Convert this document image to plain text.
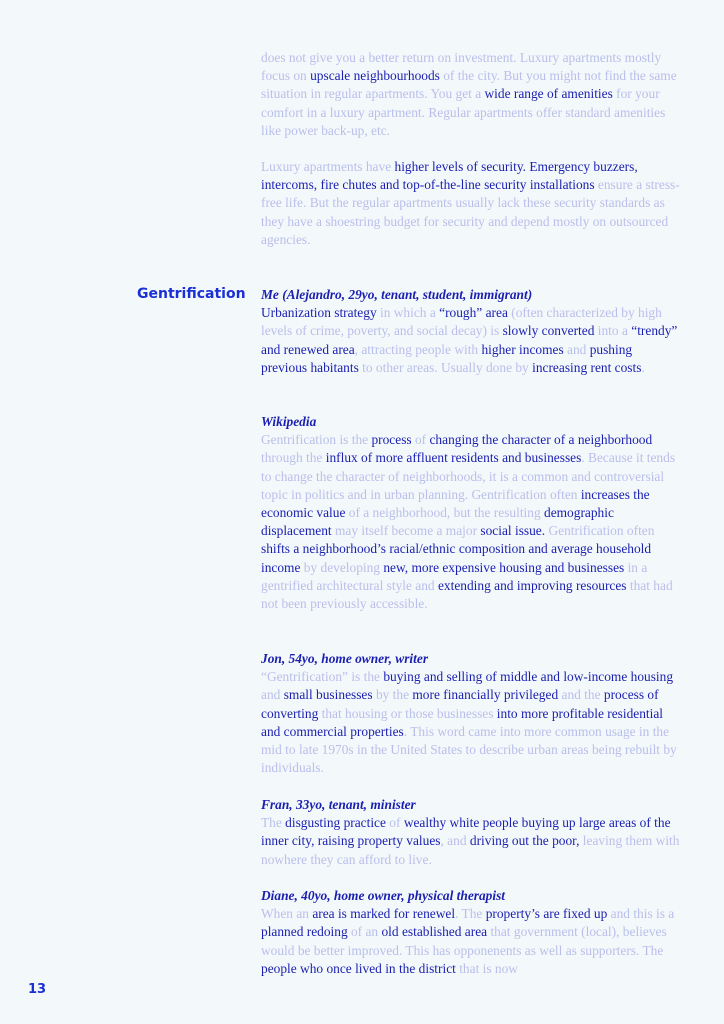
does not give you a better return on investment. Luxury apartments mostly focus on upscale neighbourhoods of the city. But you might not find the same situation in regular apartments. You get a wide range of amenities for your comfort in a luxury apartment. Regular apartments offer standard amenities like power back-up, etc.

Luxury apartments have higher levels of security. Emergency buzzers, intercoms, fire chutes and top-of-the-line security installations ensure a stress-free life. But the regular apartments usually lack these security standards as they have a shoestring budget for security and depend mostly on outsourced agencies.

Gentrification Me (Alejandro, 29yo, tenant, student, immigrant)

Urbanization strategy in which a “rough” area (often characterized by high levels of crime, poverty, and social decay) is slowly converted into a “trendy” and renewed area, attracting people with higher incomes and pushing previous habitants to other areas. Usually done by increasing rent costs.

Wikipedia

Gentrification is the process of changing the character of a neighborhood through the influx of more affluent residents and businesses. Because it tends to change the character of neighborhoods, it is a common and controversial topic in politics and in urban planning. Gentrification often increases the economic value of a neighborhood, but the resulting demographic displacement may itself become a major social issue. Gentrification often shifts a neighborhood’s racial/ethnic composition and average household income by developing new, more expensive housing and businesses in a gentrified architectural style and extending and improving resources that had not been previously accessible.

Jon, 54yo, home owner, writer

“Gentrification” is the buying and selling of middle and low-income housing and small businesses by the more financially privileged and the process of converting that housing or those businesses into more profitable residential and commercial properties. This word came into more common usage in the mid to late 1970s in the United States to describe urban areas being rebuilt by individuals.

Fran, 33yo, tenant, minister

The disgusting practice of wealthy white people buying up large areas of the inner city, raising property values, and driving out the poor, leaving them with nowhere they can afford to live.

Diane, 40yo, home owner, physical therapist

When an area is marked for renewel. The property’s are fixed up and this is a planned redoing of an old established area that government (local), believes would be better improved. This has opponenents as well as supporters. The people who once lived in the district that is now

13
